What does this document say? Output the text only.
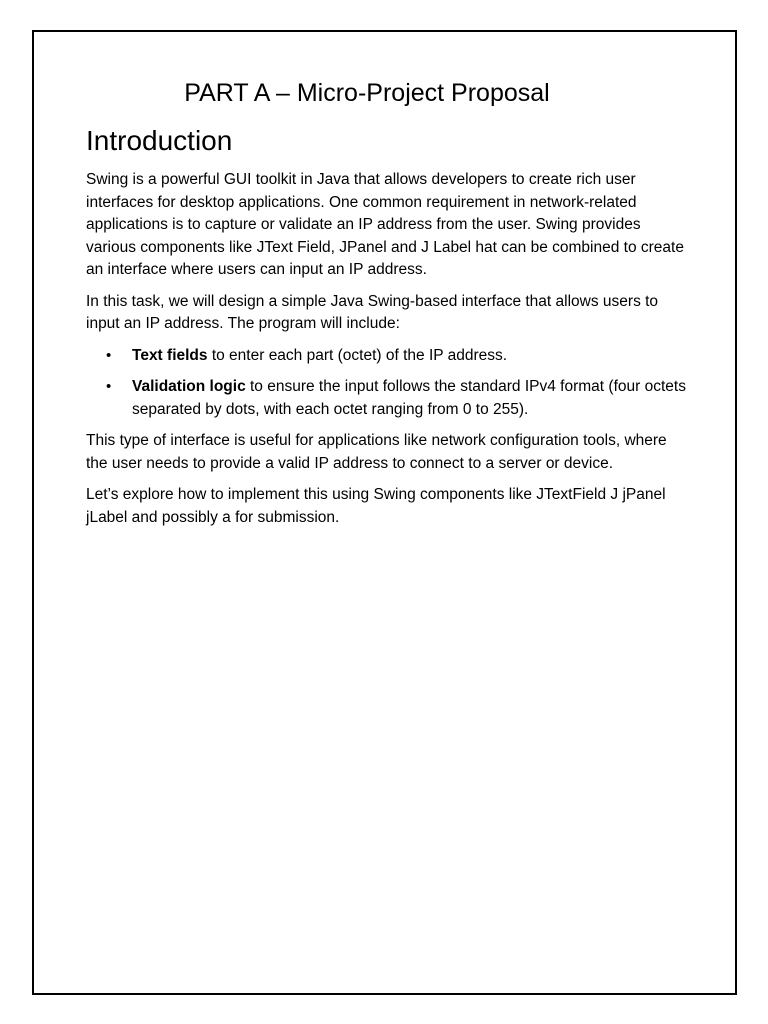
PART A – Micro-Project Proposal
Introduction

Swing is a powerful GUI toolkit in Java that allows developers to create rich user interfaces for desktop applications. One common requirement in network-related applications is to capture or validate an IP address from the user. Swing provides various components like JText Field, JPanel and J Label hat can be combined to create an interface where users can input an IP address.

In this task, we will design a simple Java Swing-based interface that allows users to input an IP address. The program will include:

• Text fields to enter each part (octet) of the IP address.
• Validation logic to ensure the input follows the standard IPv4 format (four octets separated by dots, with each octet ranging from 0 to 255).

This type of interface is useful for applications like network configuration tools, where the user needs to provide a valid IP address to connect to a server or device.

Let’s explore how to implement this using Swing components like JTextField J jPanel jLabel and possibly a for submission.
